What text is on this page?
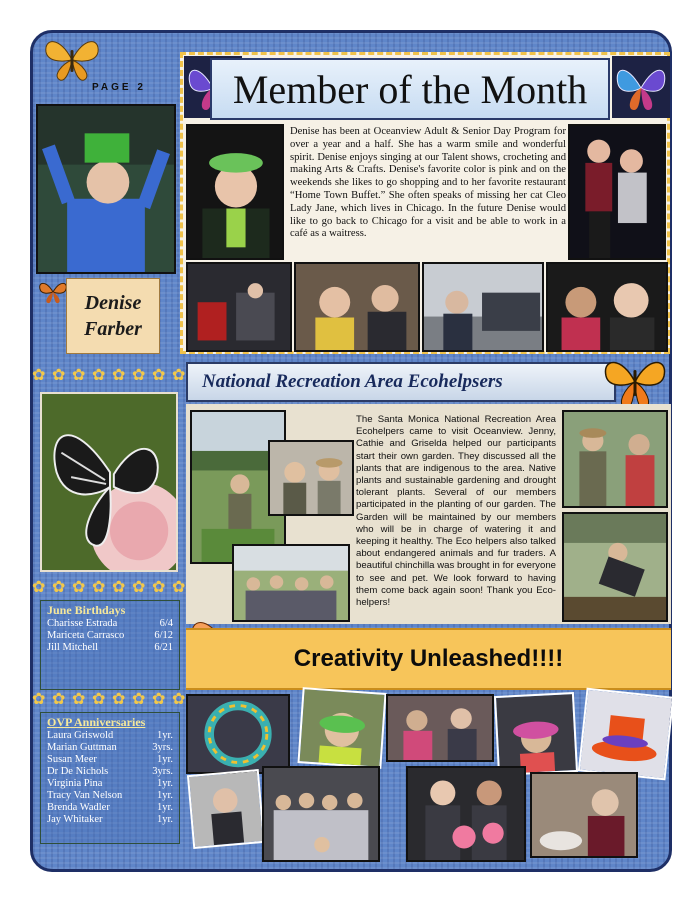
PAGE 2
Denise
Farber
✿ ✿ ✿ ✿ ✿ ✿ ✿ ✿
✿ ✿ ✿ ✿ ✿ ✿ ✿ ✿
June Birthdays
Charisse Estrada	6/4
Mariceta Carrasco	6/12
Jill Mitchell	6/21
✿ ✿ ✿ ✿ ✿ ✿ ✿ ✿
OVP Anniversaries
Laura Griswold	1yr.
Marian Guttman	3yrs.
Susan Meer	1yr.
Dr De Nichols	3yrs.
Virginia Pina	1yr.
Tracy Van Nelson	1yr.
Brenda Wadler	1yr.
Jay Whitaker	1yr.
Member of the Month
Denise has been at Oceanview Adult & Senior Day Program for over a year and a half. She has a warm smile and wonderful spirit. Denise enjoys singing at our Talent shows, crocheting and making Arts & Crafts. Denise's favorite color is pink and on the weekends she likes to go shopping and to her favorite restaurant “Home Town Buffet.” She often speaks of missing her cat Cleo Lady Jane, which lives in Chicago. In the future Denise would like to go back to Chicago for a visit and be able to work in a café as a waitress.
National Recreation Area Ecohelpsers
The Santa Monica National Recreation Area Ecohelpers came to visit Oceanview. Jenny, Cathie and Griselda helped our participants start their own garden. They discussed all the plants that are indigenous to the area. Native plants and sustainable gardening and drought tolerant plants. Several of our members participated in the planting of our garden. The Garden will be maintained by our members who will be in charge of watering it and keeping it healthy. The Eco helpers also talked about endangered animals and fur traders. A beautiful chinchilla was brought in for everyone to see and pet. We look forward to having them come back again soon! Thank you Eco-helpers!
Creativity Unleashed!!!!
